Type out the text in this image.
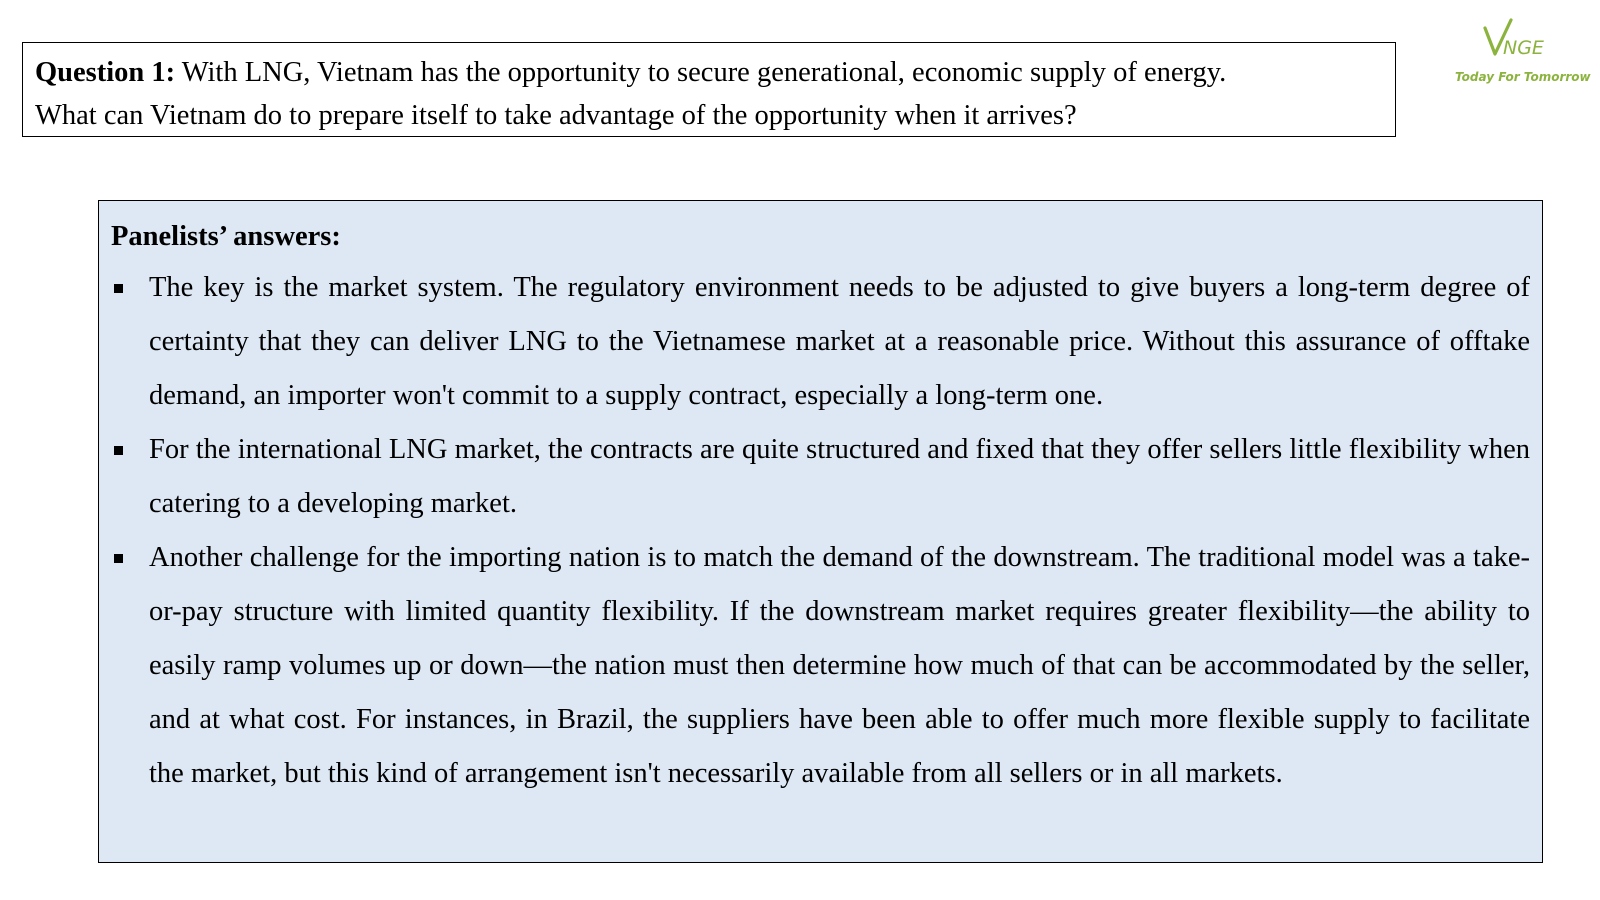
Question 1: With LNG, Vietnam has the opportunity to secure generational, economic supply of energy.
What can Vietnam do to prepare itself to take advantage of the opportunity when it arrives?
NGE
Today For Tomorrow
Panelists’ answers:
The key is the market system. The regulatory environment needs to be adjusted to give buyers a long-term degree of certainty that they can deliver LNG to the Vietnamese market at a reasonable price. Without this assurance of offtake demand, an importer won't commit to a supply contract, especially a long-term one.
For the international LNG market, the contracts are quite structured and fixed that they offer sellers little flexibility when catering to a developing market.
Another challenge for the importing nation is to match the demand of the downstream. The traditional model was a take-or-pay structure with limited quantity flexibility. If the downstream market requires greater flexibility—the ability to easily ramp volumes up or down—the nation must then determine how much of that can be accommodated by the seller, and at what cost. For instances, in Brazil, the suppliers have been able to offer much more flexible supply to facilitate the market, but this kind of arrangement isn't necessarily available from all sellers or in all markets.
